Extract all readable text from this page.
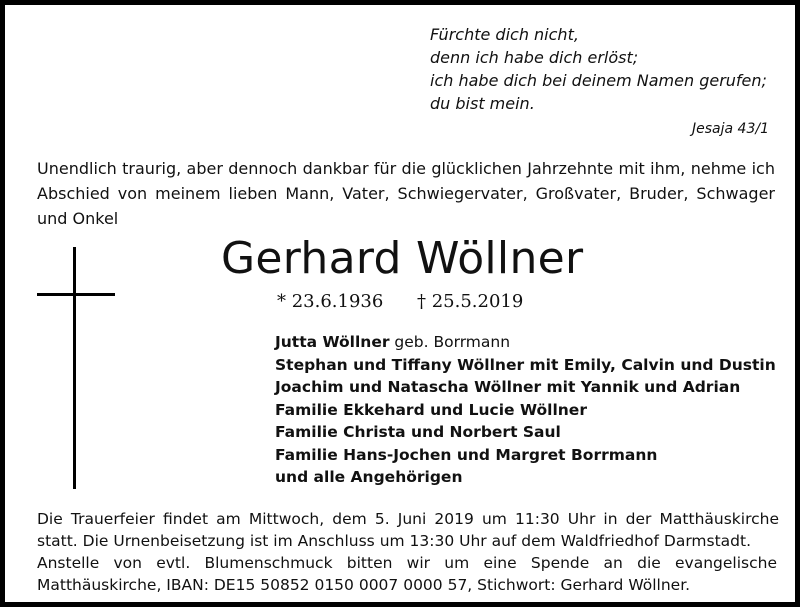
Fürchte dich nicht,
denn ich habe dich erlöst;
ich habe dich bei deinem Namen gerufen;
du bist mein.
Jesaja 43/1
Unendlich traurig, aber dennoch dankbar für die glücklichen Jahrzehnte mit ihm, nehme ich Abschied von meinem lieben Mann, Vater, Schwiegervater, Großvater, Bruder, Schwager und Onkel
Gerhard Wöllner
* 23.6.1936 † 25.5.2019
Jutta Wöllner geb. Borrmann
Stephan und Tiffany Wöllner mit Emily, Calvin und Dustin
Joachim und Natascha Wöllner mit Yannik und Adrian
Familie Ekkehard und Lucie Wöllner
Familie Christa und Norbert Saul
Familie Hans-Jochen und Margret Borrmann
und alle Angehörigen
Die Trauerfeier findet am Mittwoch, dem 5. Juni 2019 um 11:30 Uhr in der Matthäuskirche statt. Die Urnenbeisetzung ist im Anschluss um 13:30 Uhr auf dem Waldfriedhof Darmstadt.
Anstelle von evtl. Blumenschmuck bitten wir um eine Spende an die evangelische Matthäuskirche, IBAN: DE15 50852 0150 0007 0000 57, Stichwort: Gerhard Wöllner.
